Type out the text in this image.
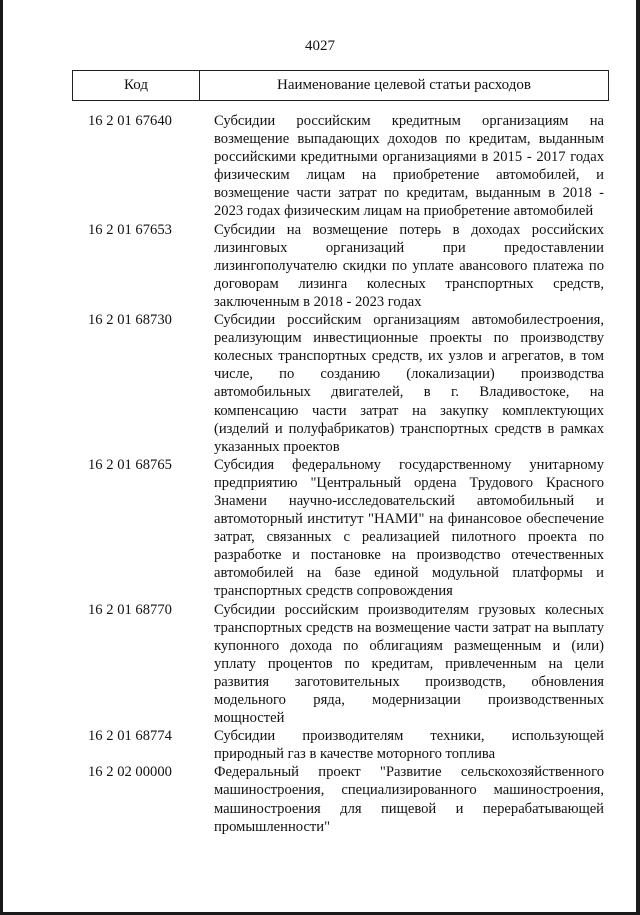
4027
Код	Наименование целевой статьи расходов
16 2 01 67640	Субсидии российским кредитным организациям на возмещение выпадающих доходов по кредитам, выданным российскими кредитными организациями в 2015 - 2017 годах физическим лицам на приобретение автомобилей, и возмещение части затрат по кредитам, выданным в 2018 - 2023 годах физическим лицам на приобретение автомобилей
16 2 01 67653	Субсидии на возмещение потерь в доходах российских лизинговых организаций при предоставлении лизингополучателю скидки по уплате авансового платежа по договорам лизинга колесных транспортных средств, заключенным в 2018 - 2023 годах
16 2 01 68730	Субсидии российским организациям автомобилестроения, реализующим инвестиционные проекты по производству колесных транспортных средств, их узлов и агрегатов, в том числе, по созданию (локализации) производства автомобильных двигателей, в г. Владивостоке, на компенсацию части затрат на закупку комплектующих (изделий и полуфабрикатов) транспортных средств в рамках указанных проектов
16 2 01 68765	Субсидия федеральному государственному унитарному предприятию "Центральный ордена Трудового Красного Знамени научно-исследовательский автомобильный и автомоторный институт "НАМИ" на финансовое обеспечение затрат, связанных с реализацией пилотного проекта по разработке и постановке на производство отечественных автомобилей на базе единой модульной платформы и транспортных средств сопровождения
16 2 01 68770	Субсидии российским производителям грузовых колесных транспортных средств на возмещение части затрат на выплату купонного дохода по облигациям размещенным и (или) уплату процентов по кредитам, привлеченным на цели развития заготовительных производств, обновления модельного ряда, модернизации производственных мощностей
16 2 01 68774	Субсидии производителям техники, использующей природный газ в качестве моторного топлива
16 2 02 00000	Федеральный проект "Развитие сельскохозяйственного машиностроения, специализированного машиностроения, машиностроения для пищевой и перерабатывающей промышленности"
